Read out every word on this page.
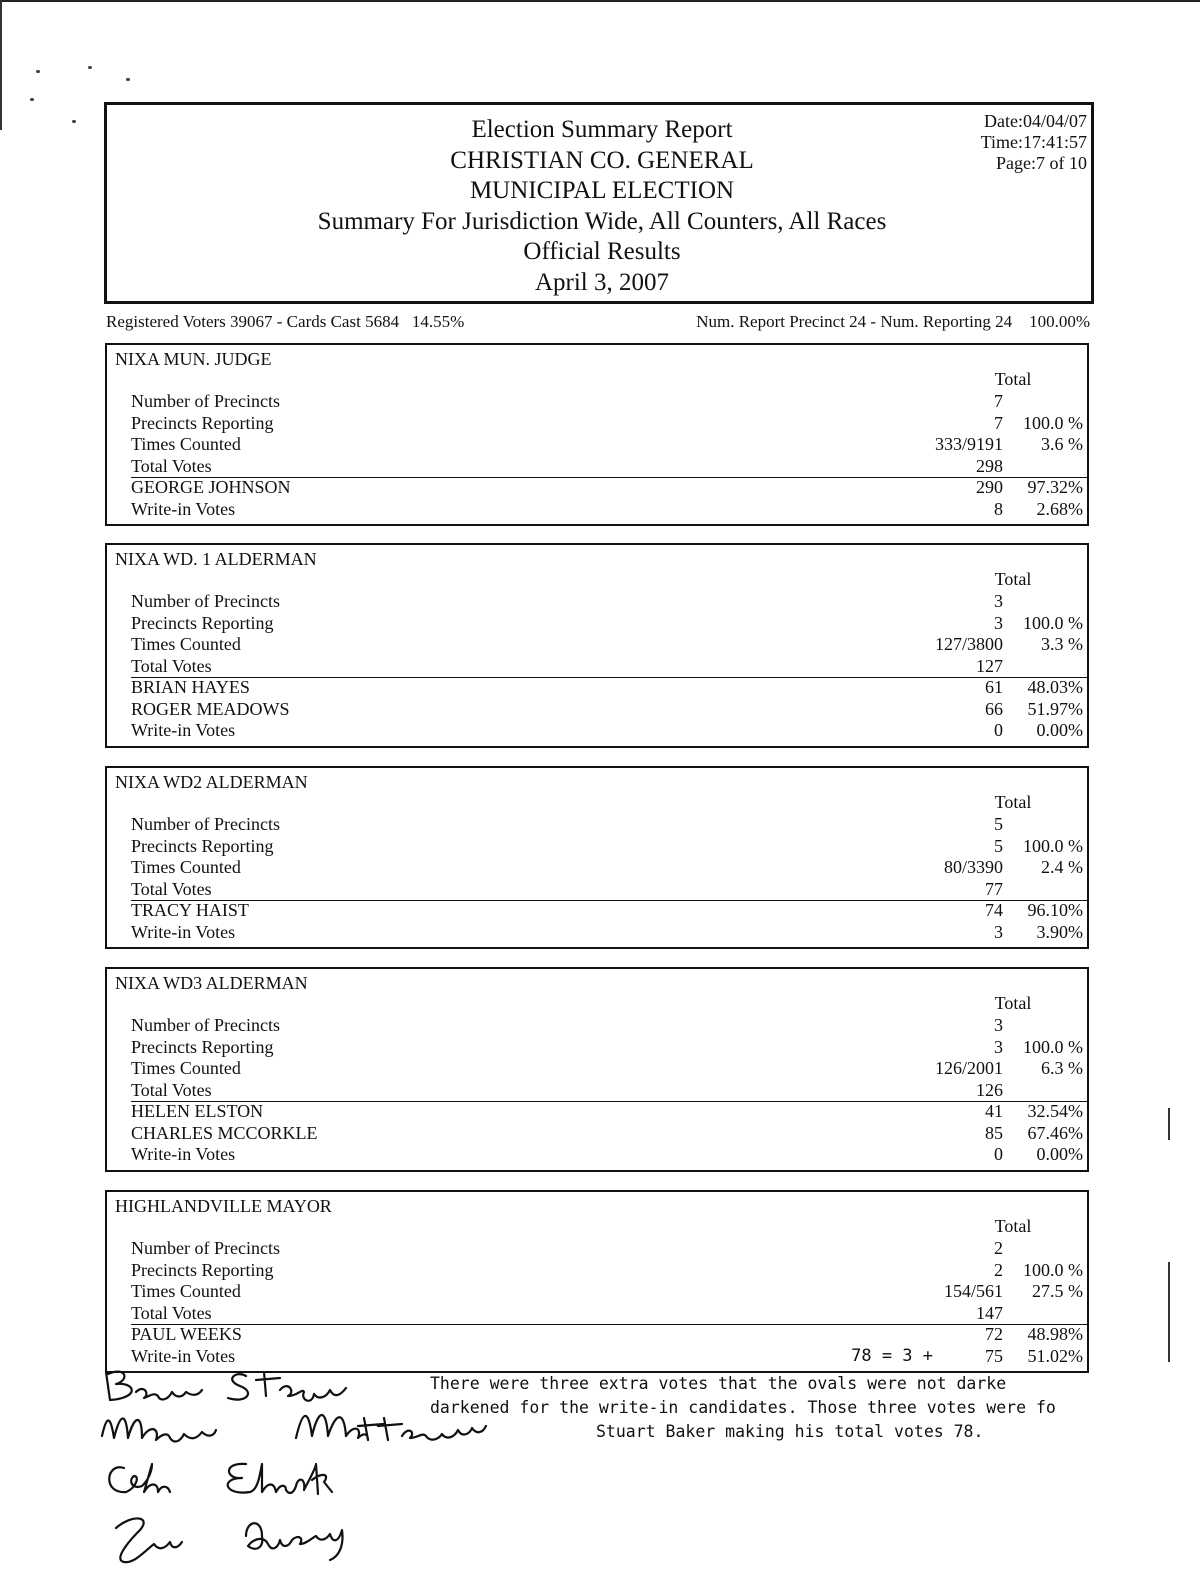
Election Summary Report
CHRISTIAN CO. GENERAL
MUNICIPAL ELECTION
Summary For Jurisdiction Wide, All Counters, All Races
Official Results
April 3, 2007
Date:04/04/07
Time:17:41:57
Page:7 of 10
Registered Voters 39067 - Cards Cast 5684 14.55%	Num. Report Precinct 24 - Num. Reporting 24 100.00%
NIXA MUN. JUDGE
Total
Number of Precincts	7
Precincts Reporting	7 100.0 %
Times Counted	333/9191 3.6 %
Total Votes	298
GEORGE JOHNSON	290 97.32%
Write-in Votes	8 2.68%
NIXA WD. 1 ALDERMAN
Total
Number of Precincts	3
Precincts Reporting	3 100.0 %
Times Counted	127/3800 3.3 %
Total Votes	127
BRIAN HAYES	61 48.03%
ROGER MEADOWS	66 51.97%
Write-in Votes	0 0.00%
NIXA WD2 ALDERMAN
Total
Number of Precincts	5
Precincts Reporting	5 100.0 %
Times Counted	80/3390 2.4 %
Total Votes	77
TRACY HAIST	74 96.10%
Write-in Votes	3 3.90%
NIXA WD3 ALDERMAN
Total
Number of Precincts	3
Precincts Reporting	3 100.0 %
Times Counted	126/2001 6.3 %
Total Votes	126
HELEN ELSTON	41 32.54%
CHARLES MCCORKLE	85 67.46%
Write-in Votes	0 0.00%
HIGHLANDVILLE MAYOR
Total
Number of Precincts	2
Precincts Reporting	2 100.0 %
Times Counted	154/561 27.5 %
Total Votes	147
PAUL WEEKS	72 48.98%
Write-in Votes	78 = 3 +	75 51.02%
There were three extra votes that the ovals were not darke
darkened for the write-in candidates. Those three votes were fo
Stuart Baker making his total votes 78.
